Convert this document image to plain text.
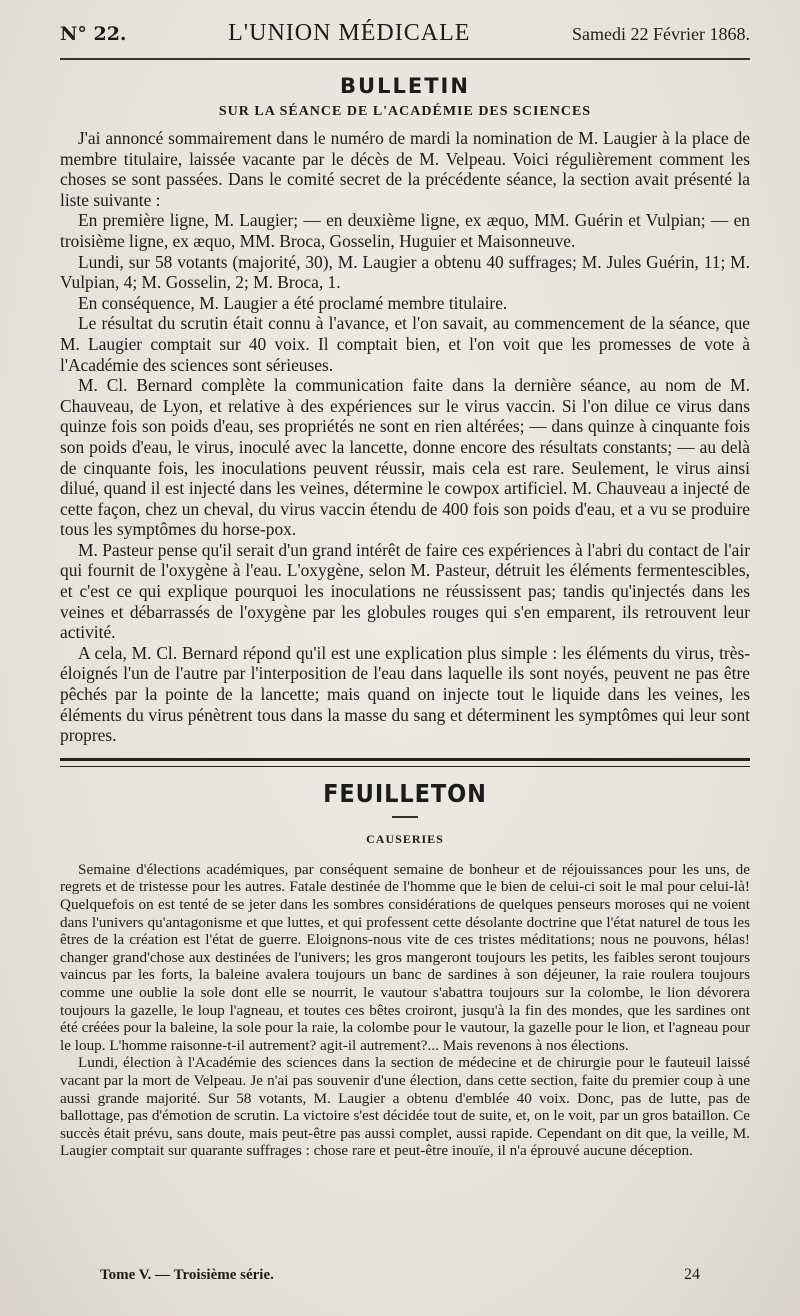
N° 22.	L'UNION MÉDICALE	Samedi 22 Février 1868.
BULLETIN
SUR LA SÉANCE DE L'ACADÉMIE DES SCIENCES

J'ai annoncé sommairement dans le numéro de mardi la nomination de M. Laugier à la place de membre titulaire, laissée vacante par le décès de M. Velpeau. Voici régulièrement comment les choses se sont passées. Dans le comité secret de la précédente séance, la section avait présenté la liste suivante :

En première ligne, M. Laugier; — en deuxième ligne, ex æquo, MM. Guérin et Vulpian; — en troisième ligne, ex æquo, MM. Broca, Gosselin, Huguier et Maisonneuve.

Lundi, sur 58 votants (majorité, 30), M. Laugier a obtenu 40 suffrages; M. Jules Guérin, 11; M. Vulpian, 4; M. Gosselin, 2; M. Broca, 1.

En conséquence, M. Laugier a été proclamé membre titulaire.

Le résultat du scrutin était connu à l'avance, et l'on savait, au commencement de la séance, que M. Laugier comptait sur 40 voix. Il comptait bien, et l'on voit que les promesses de vote à l'Académie des sciences sont sérieuses.

M. Cl. Bernard complète la communication faite dans la dernière séance, au nom de M. Chauveau, de Lyon, et relative à des expériences sur le virus vaccin. Si l'on dilue ce virus dans quinze fois son poids d'eau, ses propriétés ne sont en rien altérées; — dans quinze à cinquante fois son poids d'eau, le virus, inoculé avec la lancette, donne encore des résultats constants; — au delà de cinquante fois, les inoculations peuvent réussir, mais cela est rare. Seulement, le virus ainsi dilué, quand il est injecté dans les veines, détermine le cowpox artificiel. M. Chauveau a injecté de cette façon, chez un cheval, du virus vaccin étendu de 400 fois son poids d'eau, et a vu se produire tous les symptômes du horse-pox.

M. Pasteur pense qu'il serait d'un grand intérêt de faire ces expériences à l'abri du contact de l'air qui fournit de l'oxygène à l'eau. L'oxygène, selon M. Pasteur, détruit les éléments fermentescibles, et c'est ce qui explique pourquoi les inoculations ne réussissent pas; tandis qu'injectés dans les veines et débarrassés de l'oxygène par les globules rouges qui s'en emparent, ils retrouvent leur activité.

A cela, M. Cl. Bernard répond qu'il est une explication plus simple : les éléments du virus, très-éloignés l'un de l'autre par l'interposition de l'eau dans laquelle ils sont noyés, peuvent ne pas être pêchés par la pointe de la lancette; mais quand on injecte tout le liquide dans les veines, les éléments du virus pénètrent tous dans la masse du sang et déterminent les symptômes qui leur sont propres.

FEUILLETON
CAUSERIES

Semaine d'élections académiques, par conséquent semaine de bonheur et de réjouissances pour les uns, de regrets et de tristesse pour les autres. Fatale destinée de l'homme que le bien de celui-ci soit le mal pour celui-là! Quelquefois on est tenté de se jeter dans les sombres considérations de quelques penseurs moroses qui ne voient dans l'univers qu'antagonisme et que luttes, et qui professent cette désolante doctrine que l'état naturel de tous les êtres de la création est l'état de guerre. Eloignons-nous vite de ces tristes méditations; nous ne pouvons, hélas! changer grand'chose aux destinées de l'univers; les gros mangeront toujours les petits, les faibles seront toujours vaincus par les forts, la baleine avalera toujours un banc de sardines à son déjeuner, la raie roulera toujours comme une oublie la sole dont elle se nourrit, le vautour s'abattra toujours sur la colombe, le lion dévorera toujours la gazelle, le loup l'agneau, et toutes ces bêtes croiront, jusqu'à la fin des mondes, que les sardines ont été créées pour la baleine, la sole pour la raie, la colombe pour le vautour, la gazelle pour le lion, et l'agneau pour le loup. L'homme raisonne-t-il autrement? agit-il autrement?... Mais revenons à nos élections.

Lundi, élection à l'Académie des sciences dans la section de médecine et de chirurgie pour le fauteuil laissé vacant par la mort de Velpeau. Je n'ai pas souvenir d'une élection, dans cette section, faite du premier coup à une aussi grande majorité. Sur 58 votants, M. Laugier a obtenu d'emblée 40 voix. Donc, pas de lutte, pas de ballottage, pas d'émotion de scrutin. La victoire s'est décidée tout de suite, et, on le voit, par un gros bataillon. Ce succès était prévu, sans doute, mais peut-être pas aussi complet, aussi rapide. Cependant on dit que, la veille, M. Laugier comptait sur quarante suffrages : chose rare et peut-être inouïe, il n'a éprouvé aucune déception.

Tome V. — Troisième série.	24
